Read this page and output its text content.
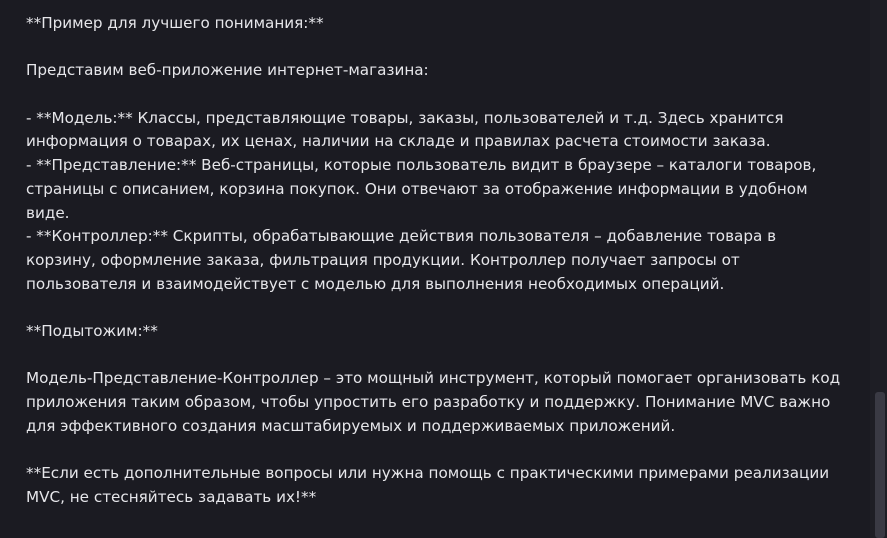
**Пример для лучшего понимания:**
Представим веб-приложение интернет-магазина:
- **Модель:** Классы, представляющие товары, заказы, пользователей и т.д. Здесь хранится
информация о товарах, их ценах, наличии на складе и правилах расчета стоимости заказа.
- **Представление:** Веб-страницы, которые пользователь видит в браузере – каталоги товаров,
страницы с описанием, корзина покупок. Они отвечают за отображение информации в удобном
виде.
- **Контроллер:** Скрипты, обрабатывающие действия пользователя – добавление товара в
корзину, оформление заказа, фильтрация продукции. Контроллер получает запросы от
пользователя и взаимодействует с моделью для выполнения необходимых операций.
**Подытожим:**
Модель-Представление-Контроллер – это мощный инструмент, который помогает организовать код
приложения таким образом, чтобы упростить его разработку и поддержку. Понимание MVC важно
для эффективного создания масштабируемых и поддерживаемых приложений.
**Если есть дополнительные вопросы или нужна помощь с практическими примерами реализации
MVC, не стесняйтесь задавать их!**
